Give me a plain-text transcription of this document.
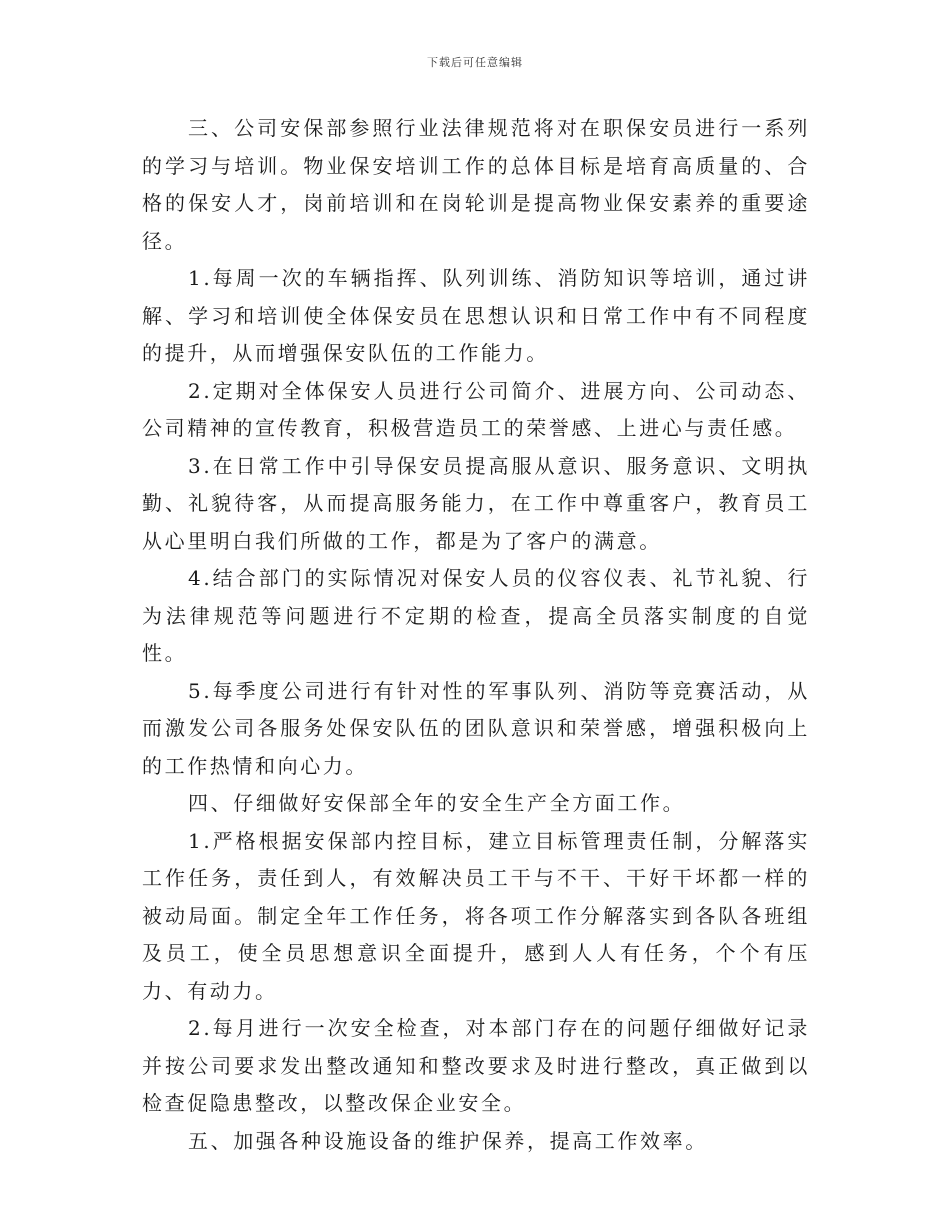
下载后可任意编辑

三、公司安保部参照行业法律规范将对在职保安员进行一系列的学习与培训。物业保安培训工作的总体目标是培育高质量的、合格的保安人才，岗前培训和在岗轮训是提高物业保安素养的重要途径。

1.每周一次的车辆指挥、队列训练、消防知识等培训，通过讲解、学习和培训使全体保安员在思想认识和日常工作中有不同程度的提升，从而增强保安队伍的工作能力。

2.定期对全体保安人员进行公司简介、进展方向、公司动态、公司精神的宣传教育，积极营造员工的荣誉感、上进心与责任感。

3.在日常工作中引导保安员提高服从意识、服务意识、文明执勤、礼貌待客，从而提高服务能力，在工作中尊重客户，教育员工从心里明白我们所做的工作，都是为了客户的满意。

4.结合部门的实际情况对保安人员的仪容仪表、礼节礼貌、行为法律规范等问题进行不定期的检查，提高全员落实制度的自觉性。

5.每季度公司进行有针对性的军事队列、消防等竞赛活动，从而激发公司各服务处保安队伍的团队意识和荣誉感，增强积极向上的工作热情和向心力。

四、仔细做好安保部全年的安全生产全方面工作。

1.严格根据安保部内控目标，建立目标管理责任制，分解落实工作任务，责任到人，有效解决员工干与不干、干好干坏都一样的被动局面。制定全年工作任务，将各项工作分解落实到各队各班组及员工，使全员思想意识全面提升，感到人人有任务，个个有压力、有动力。

2.每月进行一次安全检查，对本部门存在的问题仔细做好记录并按公司要求发出整改通知和整改要求及时进行整改，真正做到以检查促隐患整改，以整改保企业安全。

五、加强各种设施设备的维护保养，提高工作效率。
